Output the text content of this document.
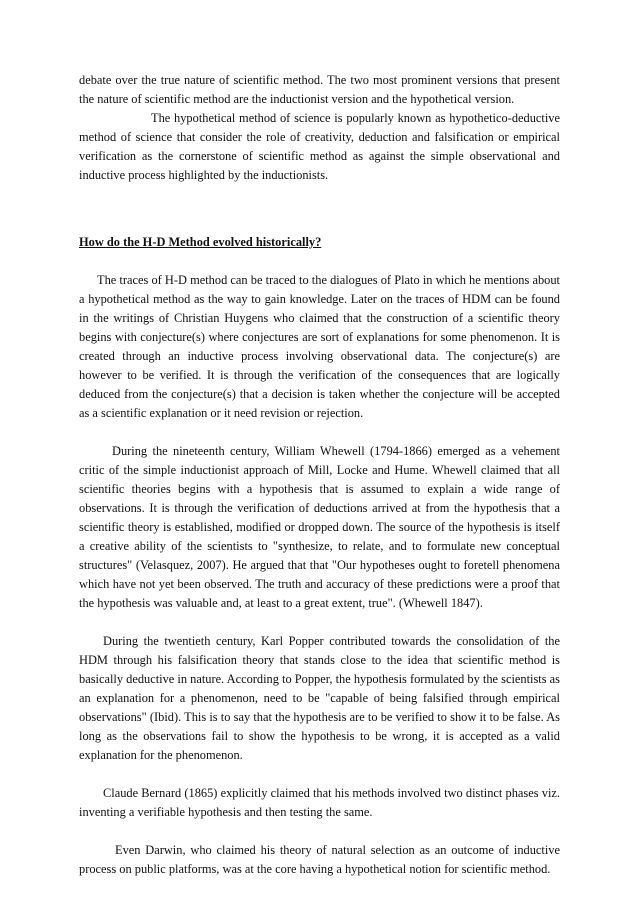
debate over the true nature of scientific method. The two most prominent versions that present the nature of scientific method are the inductionist version and the hypothetical version.

The hypothetical method of science is popularly known as hypothetico-deductive method of science that consider the role of creativity, deduction and falsification or empirical verification as the cornerstone of scientific method as against the simple observational and inductive process highlighted by the inductionists.

How do the H-D Method evolved historically?

The traces of H-D method can be traced to the dialogues of Plato in which he mentions about a hypothetical method as the way to gain knowledge. Later on the traces of HDM can be found in the writings of Christian Huygens who claimed that the construction of a scientific theory begins with conjecture(s) where conjectures are sort of explanations for some phenomenon. It is created through an inductive process involving observational data. The conjecture(s) are however to be verified. It is through the verification of the consequences that are logically deduced from the conjecture(s) that a decision is taken whether the conjecture will be accepted as a scientific explanation or it need revision or rejection.

During the nineteenth century, William Whewell (1794-1866) emerged as a vehement critic of the simple inductionist approach of Mill, Locke and Hume. Whewell claimed that all scientific theories begins with a hypothesis that is assumed to explain a wide range of observations. It is through the verification of deductions arrived at from the hypothesis that a scientific theory is established, modified or dropped down. The source of the hypothesis is itself a creative ability of the scientists to "synthesize, to relate, and to formulate new conceptual structures" (Velasquez, 2007). He argued that that "Our hypotheses ought to foretell phenomena which have not yet been observed. The truth and accuracy of these predictions were a proof that the hypothesis was valuable and, at least to a great extent, true". (Whewell 1847).

During the twentieth century, Karl Popper contributed towards the consolidation of the HDM through his falsification theory that stands close to the idea that scientific method is basically deductive in nature. According to Popper, the hypothesis formulated by the scientists as an explanation for a phenomenon, need to be "capable of being falsified through empirical observations" (Ibid). This is to say that the hypothesis are to be verified to show it to be false. As long as the observations fail to show the hypothesis to be wrong, it is accepted as a valid explanation for the phenomenon.

Claude Bernard (1865) explicitly claimed that his methods involved two distinct phases viz. inventing a verifiable hypothesis and then testing the same.

Even Darwin, who claimed his theory of natural selection as an outcome of inductive process on public platforms, was at the core having a hypothetical notion for scientific method.
